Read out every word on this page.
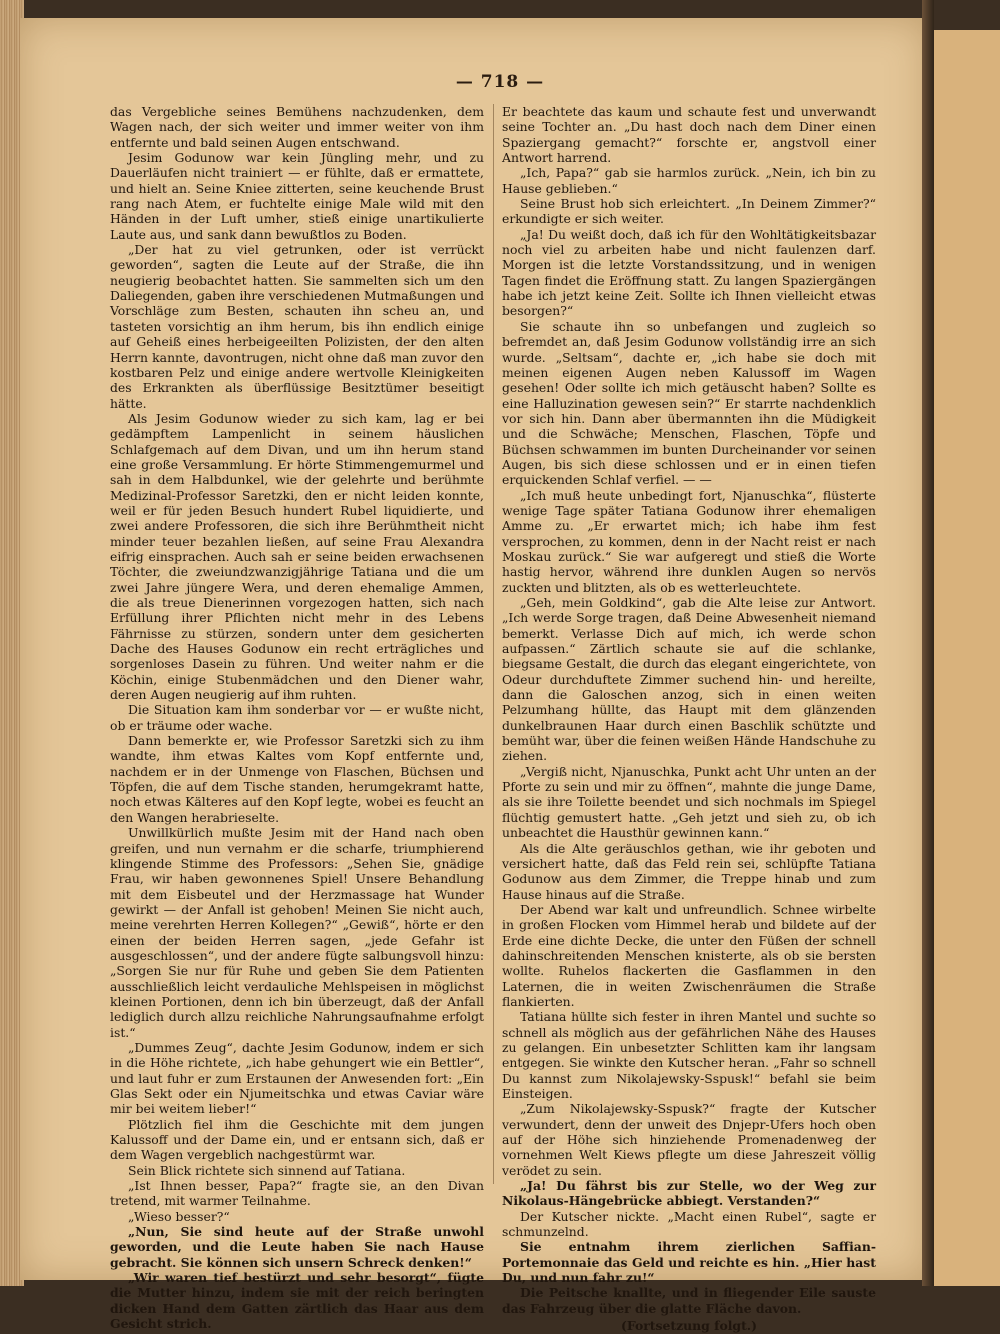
— 718 —

das Vergebliche seines Bemühens nachzudenken, dem Wagen nach, der sich weiter und immer weiter von ihm entfernte und bald seinen Augen entschwand.

Jesim Godunow war kein Jüngling mehr, und zu Dauerläufen nicht trainiert — er fühlte, daß er ermattete, und hielt an. Seine Kniee zitterten, seine keuchende Brust rang nach Atem, er fuchtelte einige Male wild mit den Händen in der Luft umher, stieß einige unartikulierte Laute aus, und sank dann bewußtlos zu Boden.

„Der hat zu viel getrunken, oder ist verrückt geworden“, sagten die Leute auf der Straße, die ihn neugierig beobachtet hatten. Sie sammelten sich um den Daliegenden, gaben ihre verschiedenen Mutmaßungen und Vorschläge zum Besten, schauten ihn scheu an, und tasteten vorsichtig an ihm herum, bis ihn endlich einige auf Geheiß eines herbeigeeilten Polizisten, der den alten Herrn kannte, davontrugen, nicht ohne daß man zuvor den kostbaren Pelz und einige andere wertvolle Kleinigkeiten des Erkrankten als überflüssige Besitztümer beseitigt hätte.

Als Jesim Godunow wieder zu sich kam, lag er bei gedämpftem Lampenlicht in seinem häuslichen Schlafgemach auf dem Divan, und um ihn herum stand eine große Versammlung. Er hörte Stimmengemurmel und sah in dem Halbdunkel, wie der gelehrte und berühmte Medizinal-Professor Saretzki, den er nicht leiden konnte, weil er für jeden Besuch hundert Rubel liquidierte, und zwei andere Professoren, die sich ihre Berühmtheit nicht minder teuer bezahlen ließen, auf seine Frau Alexandra eifrig einsprachen. Auch sah er seine beiden erwachsenen Töchter, die zweiundzwanzigjährige Tatiana und die um zwei Jahre jüngere Wera, und deren ehemalige Ammen, die als treue Dienerinnen vorgezogen hatten, sich nach Erfüllung ihrer Pflichten nicht mehr in des Lebens Fährnisse zu stürzen, sondern unter dem gesicherten Dache des Hauses Godunow ein recht erträgliches und sorgenloses Dasein zu führen. Und weiter nahm er die Köchin, einige Stubenmädchen und den Diener wahr, deren Augen neugierig auf ihm ruhten.

Die Situation kam ihm sonderbar vor — er wußte nicht, ob er träume oder wache.

Dann bemerkte er, wie Professor Saretzki sich zu ihm wandte, ihm etwas Kaltes vom Kopf entfernte und, nachdem er in der Unmenge von Flaschen, Büchsen und Töpfen, die auf dem Tische standen, herumgekramt hatte, noch etwas Kälteres auf den Kopf legte, wobei es feucht an den Wangen herabrieselte.

Unwillkürlich mußte Jesim mit der Hand nach oben greifen, und nun vernahm er die scharfe, triumphierend klingende Stimme des Professors: „Sehen Sie, gnädige Frau, wir haben gewonnenes Spiel! Unsere Behandlung mit dem Eisbeutel und der Herzmassage hat Wunder gewirkt — der Anfall ist gehoben! Meinen Sie nicht auch, meine verehrten Herren Kollegen?“ „Gewiß“, hörte er den einen der beiden Herren sagen, „jede Gefahr ist ausgeschlossen“, und der andere fügte salbungsvoll hinzu: „Sorgen Sie nur für Ruhe und geben Sie dem Patienten ausschließlich leicht verdauliche Mehlspeisen in möglichst kleinen Portionen, denn ich bin überzeugt, daß der Anfall lediglich durch allzu reichliche Nahrungsaufnahme erfolgt ist.“

„Dummes Zeug“, dachte Jesim Godunow, indem er sich in die Höhe richtete, „ich habe gehungert wie ein Bettler“, und laut fuhr er zum Erstaunen der Anwesenden fort: „Ein Glas Sekt oder ein Njumeitschka und etwas Caviar wäre mir bei weitem lieber!“

Plötzlich fiel ihm die Geschichte mit dem jungen Kalussoff und der Dame ein, und er entsann sich, daß er dem Wagen vergeblich nachgestürmt war.

Sein Blick richtete sich sinnend auf Tatiana.

„Ist Ihnen besser, Papa?“ fragte sie, an den Divan tretend, mit warmer Teilnahme.

„Wieso besser?“

„Nun, Sie sind heute auf der Straße unwohl geworden, und die Leute haben Sie nach Hause gebracht. Sie können sich unsern Schreck denken!“

„Wir waren tief bestürzt und sehr besorgt“, fügte die Mutter hinzu, indem sie mit der reich beringten dicken Hand dem Gatten zärtlich das Haar aus dem Gesicht strich.

Er beachtete das kaum und schaute fest und unverwandt seine Tochter an. „Du hast doch nach dem Diner einen Spaziergang gemacht?“ forschte er, angstvoll einer Antwort harrend.

„Ich, Papa?“ gab sie harmlos zurück. „Nein, ich bin zu Hause geblieben.“

Seine Brust hob sich erleichtert. „In Deinem Zimmer?“ erkundigte er sich weiter.

„Ja! Du weißt doch, daß ich für den Wohltätigkeitsbazar noch viel zu arbeiten habe und nicht faulenzen darf. Morgen ist die letzte Vorstandssitzung, und in wenigen Tagen findet die Eröffnung statt. Zu langen Spaziergängen habe ich jetzt keine Zeit. Sollte ich Ihnen vielleicht etwas besorgen?“

Sie schaute ihn so unbefangen und zugleich so befremdet an, daß Jesim Godunow vollständig irre an sich wurde. „Seltsam“, dachte er, „ich habe sie doch mit meinen eigenen Augen neben Kalussoff im Wagen gesehen! Oder sollte ich mich getäuscht haben? Sollte es eine Halluzination gewesen sein?“ Er starrte nachdenklich vor sich hin. Dann aber übermannten ihn die Müdigkeit und die Schwäche; Menschen, Flaschen, Töpfe und Büchsen schwammen im bunten Durcheinander vor seinen Augen, bis sich diese schlossen und er in einen tiefen erquickenden Schlaf verfiel. — —

„Ich muß heute unbedingt fort, Njanuschka“, flüsterte wenige Tage später Tatiana Godunow ihrer ehemaligen Amme zu. „Er erwartet mich; ich habe ihm fest versprochen, zu kommen, denn in der Nacht reist er nach Moskau zurück.“ Sie war aufgeregt und stieß die Worte hastig hervor, während ihre dunklen Augen so nervös zuckten und blitzten, als ob es wetterleuchtete.

„Geh, mein Goldkind“, gab die Alte leise zur Antwort. „Ich werde Sorge tragen, daß Deine Abwesenheit niemand bemerkt. Verlasse Dich auf mich, ich werde schon aufpassen.“ Zärtlich schaute sie auf die schlanke, biegsame Gestalt, die durch das elegant eingerichtete, von Odeur durchduftete Zimmer suchend hin- und hereilte, dann die Galoschen anzog, sich in einen weiten Pelzumhang hüllte, das Haupt mit dem glänzenden dunkelbraunen Haar durch einen Baschlik schützte und bemüht war, über die feinen weißen Hände Handschuhe zu ziehen.

„Vergiß nicht, Njanuschka, Punkt acht Uhr unten an der Pforte zu sein und mir zu öffnen“, mahnte die junge Dame, als sie ihre Toilette beendet und sich nochmals im Spiegel flüchtig gemustert hatte. „Geh jetzt und sieh zu, ob ich unbeachtet die Hausthür gewinnen kann.“

Als die Alte geräuschlos gethan, wie ihr geboten und versichert hatte, daß das Feld rein sei, schlüpfte Tatiana Godunow aus dem Zimmer, die Treppe hinab und zum Hause hinaus auf die Straße.

Der Abend war kalt und unfreundlich. Schnee wirbelte in großen Flocken vom Himmel herab und bildete auf der Erde eine dichte Decke, die unter den Füßen der schnell dahinschreitenden Menschen knisterte, als ob sie bersten wollte. Ruhelos flackerten die Gasflammen in den Laternen, die in weiten Zwischenräumen die Straße flankierten.

Tatiana hüllte sich fester in ihren Mantel und suchte so schnell als möglich aus der gefährlichen Nähe des Hauses zu gelangen. Ein unbesetzter Schlitten kam ihr langsam entgegen. Sie winkte den Kutscher heran. „Fahr so schnell Du kannst zum Nikolajewsky-Sspusk!“ befahl sie beim Einsteigen.

„Zum Nikolajewsky-Sspusk?“ fragte der Kutscher verwundert, denn der unweit des Dnjepr-Ufers hoch oben auf der Höhe sich hinziehende Promenadenweg der vornehmen Welt Kiews pflegte um diese Jahreszeit völlig verödet zu sein.

„Ja! Du fährst bis zur Stelle, wo der Weg zur Nikolaus-Hängebrücke abbiegt. Verstanden?“

Der Kutscher nickte. „Macht einen Rubel“, sagte er schmunzelnd.

Sie entnahm ihrem zierlichen Saffian-Portemonnaie das Geld und reichte es hin. „Hier hast Du, und nun fahr zu!“

Die Peitsche knallte, und in fliegender Eile sauste das Fahrzeug über die glatte Fläche davon.

(Fortsetzung folgt.)
